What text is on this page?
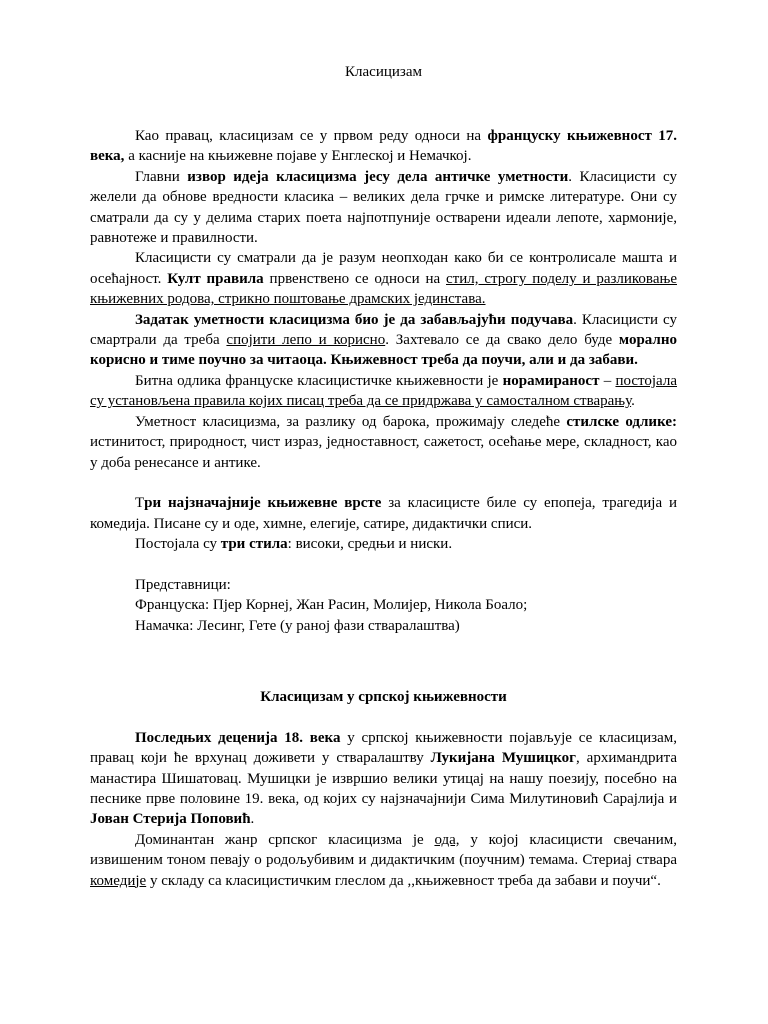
Класицизам

Као правац, класицизам се у првом реду односи на француску књижевност 17. века, а касније на књижевне појаве у Енглеској и Немачкој.

Главни извор идеја класицизма јесу дела античке уметности. Класицисти су желели да обнове вредности класика – великих дела грчке и римске литературе. Они су сматрали да су у делима старих поета најпотпуније остварени идеали лепоте, хармоније, равнотеже и правилности.

Класицисти су сматрали да је разум неопходан како би се контролисале машта и осећајност. Култ правила првенствено се односи на стил, строгу поделу и разликовање књижевних родова, стрикно поштовање драмских јединстава.

Задатак уметности класицизма био је да забављајући подучава. Класицисти су смартрали да треба спојити лепо и корисно. Захтевало се да свако дело буде морално корисно и тиме поучно за читаоца. Књижевност треба да поучи, али и да забави.

Битна одлика француске класицистичке књижевности је норамираност – постојала су установљена правила којих писац треба да се придржава у самосталном стварању.

Уметност класицизма, за разлику од барока, прожимају следеће стилске одлике: истинитост, природност, чист израз, једноставност, сажетост, осећање мере, складност, као у доба ренесансе и антике.

Три најзначајније књижевне врсте за класицисте биле су епопеја, трагедија и комедија. Писане су и оде, химне, елегије, сатире, дидактички списи.

Постојала су три стила: високи, средњи и ниски.

Представници:

Француска: Пјер Корнеј, Жан Расин, Молијер, Никола Боало;

Намачка: Лесинг, Гете (у раној фази стваралаштва)

Класицизам у српској књижевности

Последњих деценија 18. века у српској књижевности појављује се класицизам, правац који ће врхунац доживети у стваралаштву Лукијана Мушицког, архимандрита манастира Шишатовац. Мушицки је извршио велики утицај на нашу поезију, посебно на песнике прве половине 19. века, од којих су најзначајнији Сима Милутиновић Сарајлија и Јован Стерија Поповић.

Доминантан жанр српског класицизма је ода, у којој класицисти свечаним, извишеним тоном певају о родољубивим и дидактичким (поучним) темама. Стериај ствара комедије у складу са класицистичким глеслом да ,,књижевност треба да забави и поучи“.
